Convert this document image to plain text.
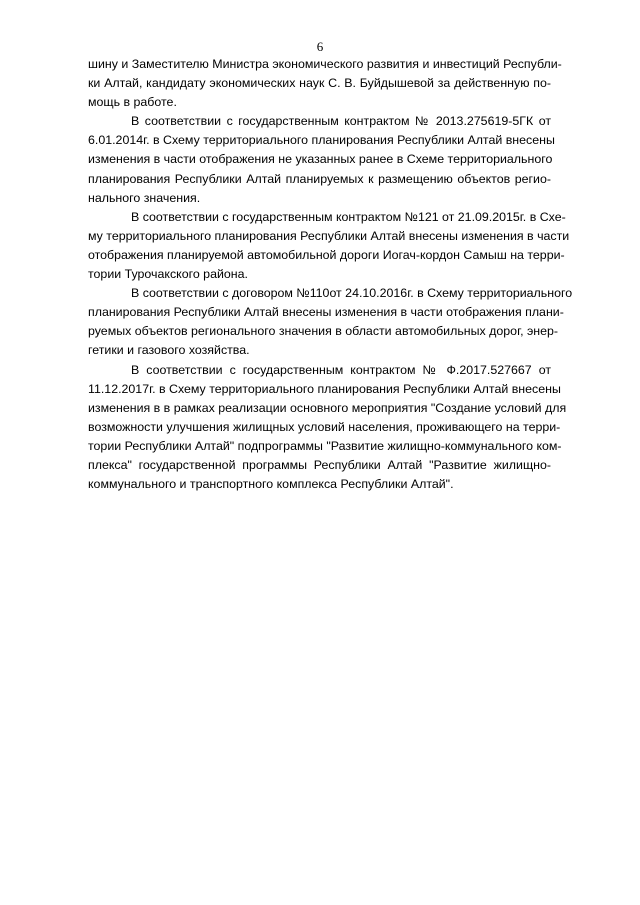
6
шину и Заместителю Министра экономического развития и инвестиций Республи-
ки Алтай, кандидату экономических наук С. В. Буйдышевой за действенную по-
мощь в работе.
В соответствии с государственным контрактом № 2013.275619-5ГК от
6.01.2014г. в Схему территориального планирования Республики Алтай внесены
изменения в части отображения не указанных ранее в Схеме территориального
планирования Республики Алтай планируемых к размещению объектов регио-
нального значения.
В соответствии с государственным контрактом №121 от 21.09.2015г. в Схе-
му территориального планирования Республики Алтай внесены изменения в части
отображения планируемой автомобильной дороги Иогач-кордон Самыш на терри-
тории Турочакского района.
В соответствии с договором №110от 24.10.2016г. в Схему территориального
планирования Республики Алтай внесены изменения в части отображения плани-
руемых объектов регионального значения в области автомобильных дорог, энер-
гетики и газового хозяйства.
В соответствии с государственным контрактом № Ф.2017.527667 от
11.12.2017г. в Схему территориального планирования Республики Алтай внесены
изменения в в рамках реализации основного мероприятия "Создание условий для
возможности улучшения жилищных условий населения, проживающего на терри-
тории Республики Алтай" подпрограммы "Развитие жилищно-коммунального ком-
плекса" государственной программы Республики Алтай "Развитие жилищно-
коммунального и транспортного комплекса Республики Алтай".
